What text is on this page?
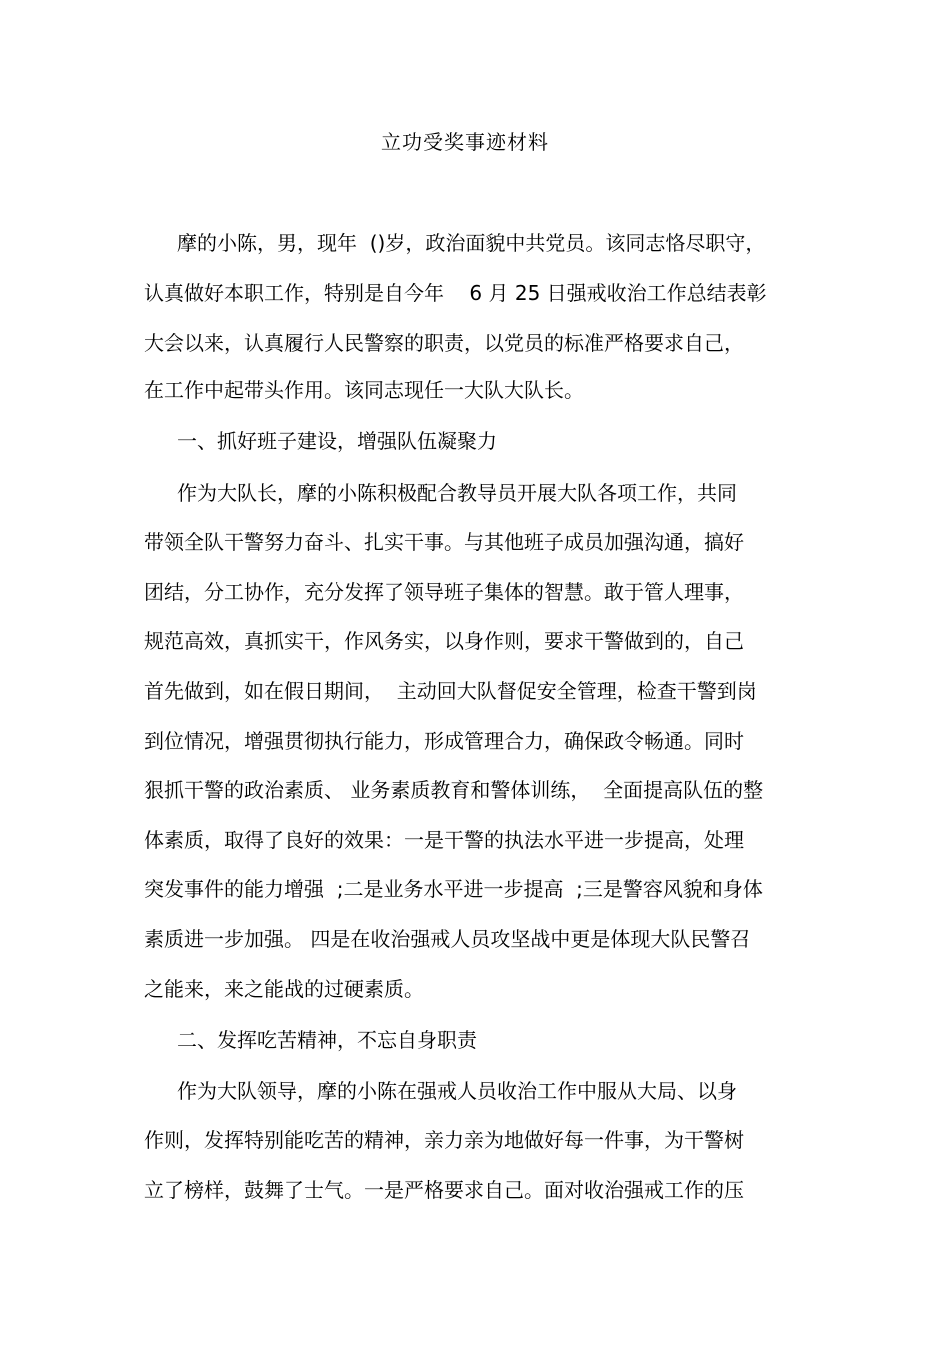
立功受奖事迹材料
摩的小陈，男，现年  ()岁，政治面貌中共党员。该同志恪尽职守，
认真做好本职工作，特别是自今年    6 月 25 日强戒收治工作总结表彰
大会以来，认真履行人民警察的职责，以党员的标准严格要求自己，
在工作中起带头作用。该同志现任一大队大队长。
一、抓好班子建设，增强队伍凝聚力
作为大队长，摩的小陈积极配合教导员开展大队各项工作，共同
带领全队干警努力奋斗、扎实干事。与其他班子成员加强沟通，搞好
团结，分工协作，充分发挥了领导班子集体的智慧。敢于管人理事，
规范高效，真抓实干，作风务实，以身作则，要求干警做到的，自己
首先做到，如在假日期间，  主动回大队督促安全管理，检查干警到岗
到位情况，增强贯彻执行能力，形成管理合力，确保政令畅通。同时
狠抓干警的政治素质、 业务素质教育和警体训练，  全面提高队伍的整
体素质，取得了良好的效果：一是干警的执法水平进一步提高，处理
突发事件的能力增强  ;二是业务水平进一步提高  ;三是警容风貌和身体
素质进一步加强。 四是在收治强戒人员攻坚战中更是体现大队民警召
之能来，来之能战的过硬素质。
二、发挥吃苦精神，不忘自身职责
作为大队领导，摩的小陈在强戒人员收治工作中服从大局、以身
作则，发挥特别能吃苦的精神，亲力亲为地做好每一件事，为干警树
立了榜样，鼓舞了士气。一是严格要求自己。面对收治强戒工作的压
